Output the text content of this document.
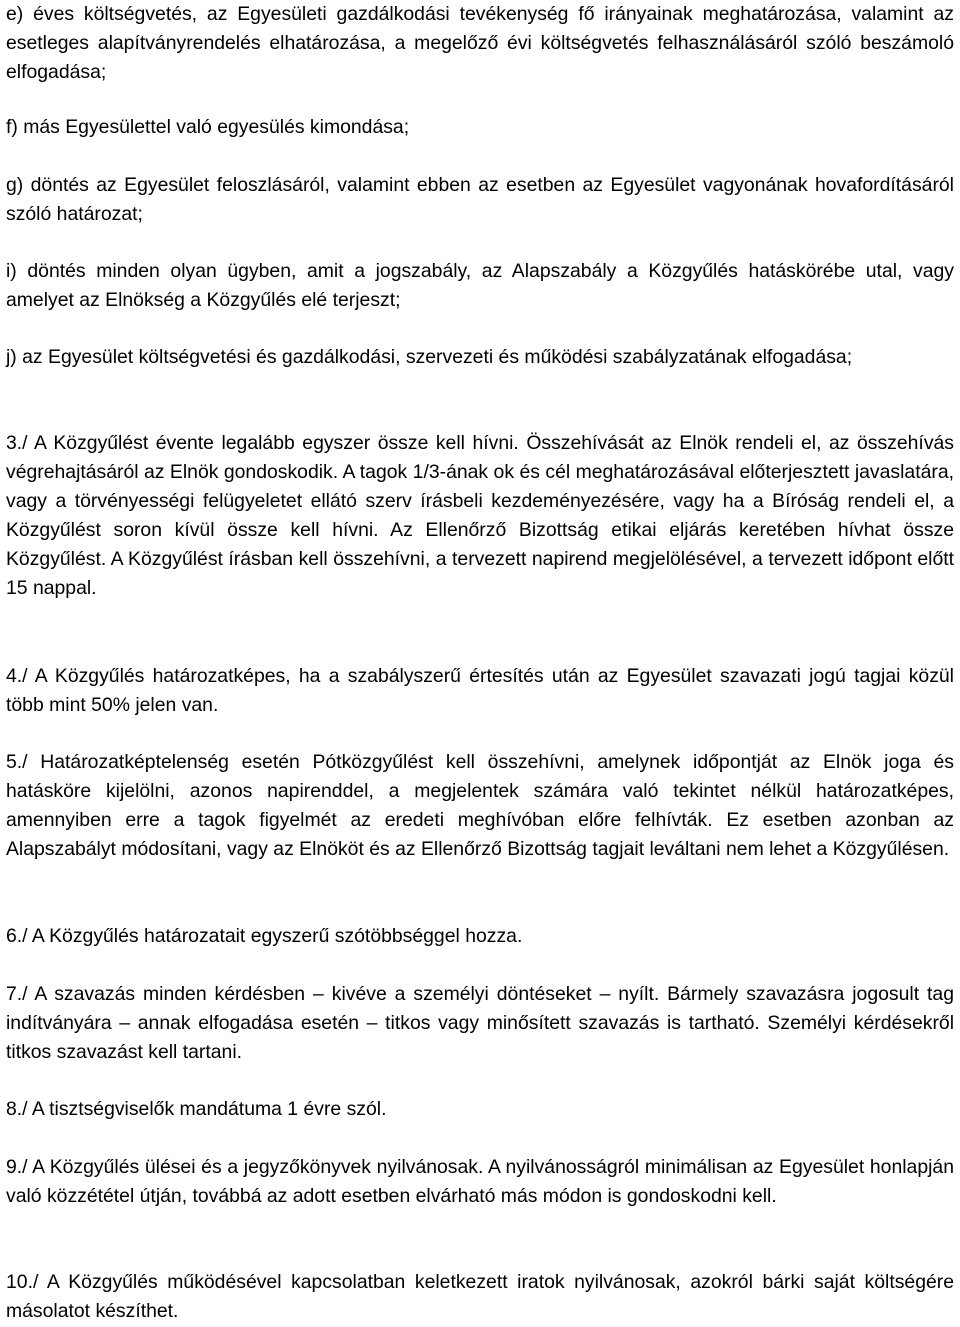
e) éves költségvetés, az Egyesületi gazdálkodási tevékenység fő irányainak meghatározása, valamint az esetleges alapítványrendelés elhatározása, a megelőző évi költségvetés felhasználásáról szóló beszámoló elfogadása;

f) más Egyesülettel való egyesülés kimondása;

g) döntés az Egyesület feloszlásáról, valamint ebben az esetben az Egyesület vagyonának hovafordításáról szóló határozat;

i) döntés minden olyan ügyben, amit a jogszabály, az Alapszabály a Közgyűlés hatáskörébe utal, vagy amelyet az Elnökség a Közgyűlés elé terjeszt;

j) az Egyesület költségvetési és gazdálkodási, szervezeti és működési szabályzatának elfogadása;

3./ A Közgyűlést évente legalább egyszer össze kell hívni. Összehívását az Elnök rendeli el, az összehívás végrehajtásáról az Elnök gondoskodik. A tagok 1/3-ának ok és cél meghatározásával előterjesztett javaslatára, vagy a törvényességi felügyeletet ellátó szerv írásbeli kezdeményezésére, vagy ha a Bíróság rendeli el, a Közgyűlést soron kívül össze kell hívni. Az Ellenőrző Bizottság etikai eljárás keretében hívhat össze Közgyűlést. A Közgyűlést írásban kell összehívni, a tervezett napirend megjelölésével, a tervezett időpont előtt 15 nappal.

4./ A Közgyűlés határozatképes, ha a szabályszerű értesítés után az Egyesület szavazati jogú tagjai közül több mint 50% jelen van.

5./ Határozatképtelenség esetén Pótközgyűlést kell összehívni, amelynek időpontját az Elnök joga és hatásköre kijelölni, azonos napirenddel, a megjelentek számára való tekintet nélkül határozatképes, amennyiben erre a tagok figyelmét az eredeti meghívóban előre felhívták. Ez esetben azonban az Alapszabályt módosítani, vagy az Elnököt és az Ellenőrző Bizottság tagjait leváltani nem lehet a Közgyűlésen.

6./ A Közgyűlés határozatait egyszerű szótöbbséggel hozza.

7./ A szavazás minden kérdésben – kivéve a személyi döntéseket – nyílt. Bármely szavazásra jogosult tag indítványára – annak elfogadása esetén – titkos vagy minősített szavazás is tartható. Személyi kérdésekről titkos szavazást kell tartani.

8./ A tisztségviselők mandátuma 1 évre szól.

9./ A Közgyűlés ülései és a jegyzőkönyvek nyilvánosak. A nyilvánosságról minimálisan az Egyesület honlapján való közzététel útján, továbbá az adott esetben elvárható más módon is gondoskodni kell.

10./ A Közgyűlés működésével kapcsolatban keletkezett iratok nyilvánosak, azokról bárki saját költségére másolatot készíthet.
